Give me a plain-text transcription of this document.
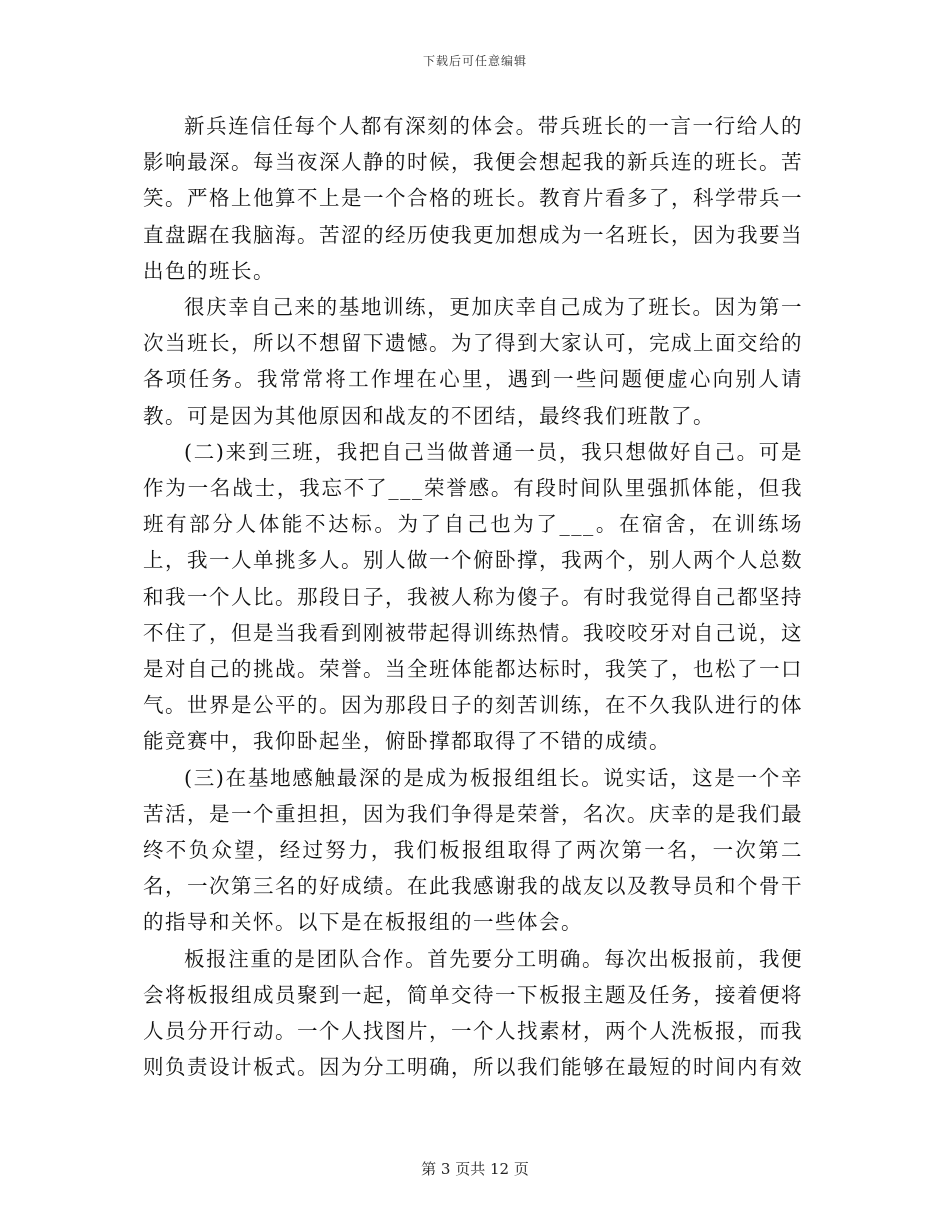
下载后可任意编辑

新兵连信任每个人都有深刻的体会。带兵班长的一言一行给人的影响最深。每当夜深人静的时候，我便会想起我的新兵连的班长。苦笑。严格上他算不上是一个合格的班长。教育片看多了，科学带兵一直盘踞在我脑海。苦涩的经历使我更加想成为一名班长，因为我要当出色的班长。

很庆幸自己来的基地训练，更加庆幸自己成为了班长。因为第一次当班长，所以不想留下遗憾。为了得到大家认可，完成上面交给的各项任务。我常常将工作埋在心里，遇到一些问题便虚心向别人请教。可是因为其他原因和战友的不团结，最终我们班散了。

(二)来到三班，我把自己当做普通一员，我只想做好自己。可是作为一名战士，我忘不了___荣誉感。有段时间队里强抓体能，但我班有部分人体能不达标。为了自己也为了___。在宿舍，在训练场上，我一人单挑多人。别人做一个俯卧撑，我两个，别人两个人总数和我一个人比。那段日子，我被人称为傻子。有时我觉得自己都坚持不住了，但是当我看到刚被带起得训练热情。我咬咬牙对自己说，这是对自己的挑战。荣誉。当全班体能都达标时，我笑了，也松了一口气。世界是公平的。因为那段日子的刻苦训练，在不久我队进行的体能竞赛中，我仰卧起坐，俯卧撑都取得了不错的成绩。

(三)在基地感触最深的是成为板报组组长。说实话，这是一个辛苦活，是一个重担担，因为我们争得是荣誉，名次。庆幸的是我们最终不负众望，经过努力，我们板报组取得了两次第一名，一次第二名，一次第三名的好成绩。在此我感谢我的战友以及教导员和个骨干的指导和关怀。以下是在板报组的一些体会。

板报注重的是团队合作。首先要分工明确。每次出板报前，我便会将板报组成员聚到一起，简单交待一下板报主题及任务，接着便将人员分开行动。一个人找图片，一个人找素材，两个人洗板报，而我则负责设计板式。因为分工明确，所以我们能够在最短的时间内有效

第 3 页共 12 页
